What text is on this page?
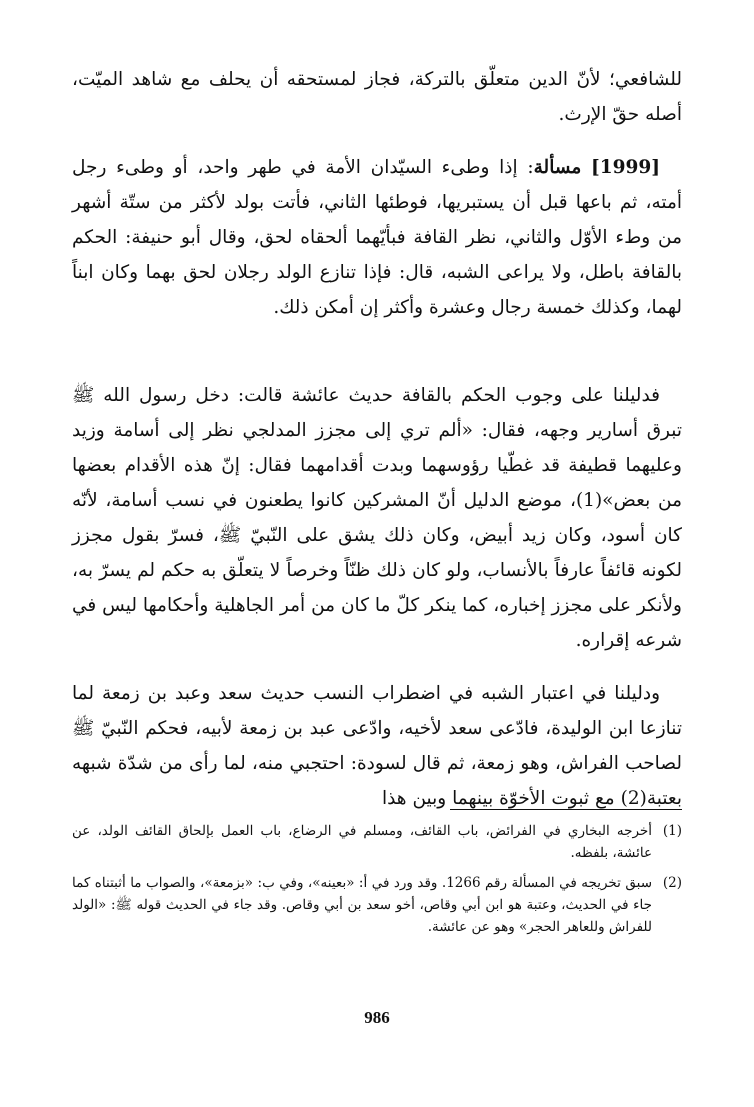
للشافعي؛ لأنّ الدين متعلّق بالتركة، فجاز لمستحقه أن يحلف مع شاهد الميّت، أصله حقّ الإرث.

[1999] مسألة: إذا وطىء السيّدان الأمة في طهر واحد، أو وطىء رجل أمته، ثم باعها قبل أن يستبريها، فوطئها الثاني، فأتت بولد لأكثر من ستّة أشهر من وطء الأوّل والثاني، نظر القافة فبأيّهما ألحقاه لحق، وقال أبو حنيفة: الحكم بالقافة باطل، ولا يراعى الشبه، قال: فإذا تنازع الولد رجلان لحق بهما وكان ابناً لهما، وكذلك خمسة رجال وعشرة وأكثر إن أمكن ذلك.

فدليلنا على وجوب الحكم بالقافة حديث عائشة قالت: دخل رسول الله ﷺ تبرق أسارير وجهه، فقال: «ألم تري إلى مجزز المدلجي نظر إلى أسامة وزيد وعليهما قطيفة قد غطّيا رؤوسهما وبدت أقدامهما فقال: إنّ هذه الأقدام بعضها من بعض»(1)، موضع الدليل أنّ المشركين كانوا يطعنون في نسب أسامة، لأنّه كان أسود، وكان زيد أبيض، وكان ذلك يشق على النّبيّ ﷺ، فسرّ بقول مجزز لكونه قائفاً عارفاً بالأنساب، ولو كان ذلك ظنّاً وخرصاً لا يتعلّق به حكم لم يسرّ به، ولأنكر على مجزز إخباره، كما ينكر كلّ ما كان من أمر الجاهلية وأحكامها ليس في شرعه إقراره.

ودليلنا في اعتبار الشبه في اضطراب النسب حديث سعد وعبد بن زمعة لما تنازعا ابن الوليدة، فادّعى سعد لأخيه، وادّعى عبد بن زمعة لأبيه، فحكم النّبيّ ﷺ لصاحب الفراش، وهو زمعة، ثم قال لسودة: احتجبي منه، لما رأى من شدّة شبهه بعتبة(2) مع ثبوت الأخوّة بينهما وبين هذا

(1)
أخرجه البخاري في الفرائض، باب القائف، ومسلم في الرضاع، باب العمل بإلحاق القائف الولد، عن عائشة، بلفظه.
(2)
سبق تخريجه في المسألة رقم 1266. وقد ورد في أ: «بعينه»، وفي ب: «بزمعة»، والصواب ما أثبتناه كما جاء في الحديث، وعتبة هو ابن أبي وقاص، أخو سعد بن أبي وقاص. وقد جاء في الحديث قوله ﷺ: «الولد للفراش وللعاهر الحجر» وهو عن عائشة.
986
